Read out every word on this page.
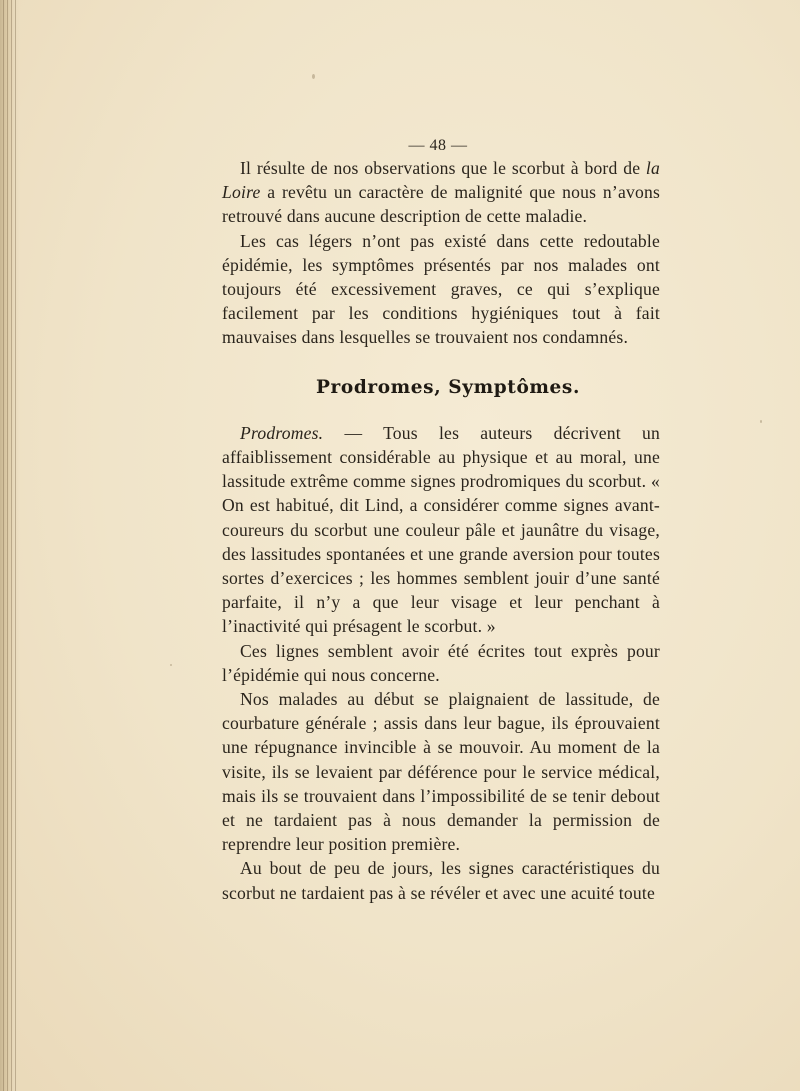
— 48 —

Il résulte de nos observations que le scorbut à bord de la Loire a revêtu un caractère de malignité que nous n’avons retrouvé dans aucune description de cette maladie.

Les cas légers n’ont pas existé dans cette redoutable épidémie, les symptômes présentés par nos malades ont toujours été excessivement graves, ce qui s’explique facilement par les conditions hygiéniques tout à fait mauvaises dans lesquelles se trouvaient nos condamnés.

Prodromes, Symptômes.

Prodromes. — Tous les auteurs décrivent un affaiblissement considérable au physique et au moral, une lassitude extrême comme signes prodromiques du scorbut. « On est habitué, dit Lind, a considérer comme signes avant-coureurs du scorbut une couleur pâle et jaunâtre du visage, des lassitudes spontanées et une grande aversion pour toutes sortes d’exercices ; les hommes semblent jouir d’une santé parfaite, il n’y a que leur visage et leur penchant à l’inactivité qui présagent le scorbut. »

Ces lignes semblent avoir été écrites tout exprès pour l’épidémie qui nous concerne.

Nos malades au début se plaignaient de lassitude, de courbature générale ; assis dans leur bague, ils éprouvaient une répugnance invincible à se mouvoir. Au moment de la visite, ils se levaient par déférence pour le service médical, mais ils se trouvaient dans l’impossibilité de se tenir debout et ne tardaient pas à nous demander la permission de reprendre leur position première.

Au bout de peu de jours, les signes caractéristiques du scorbut ne tardaient pas à se révéler et avec une acuité toute
